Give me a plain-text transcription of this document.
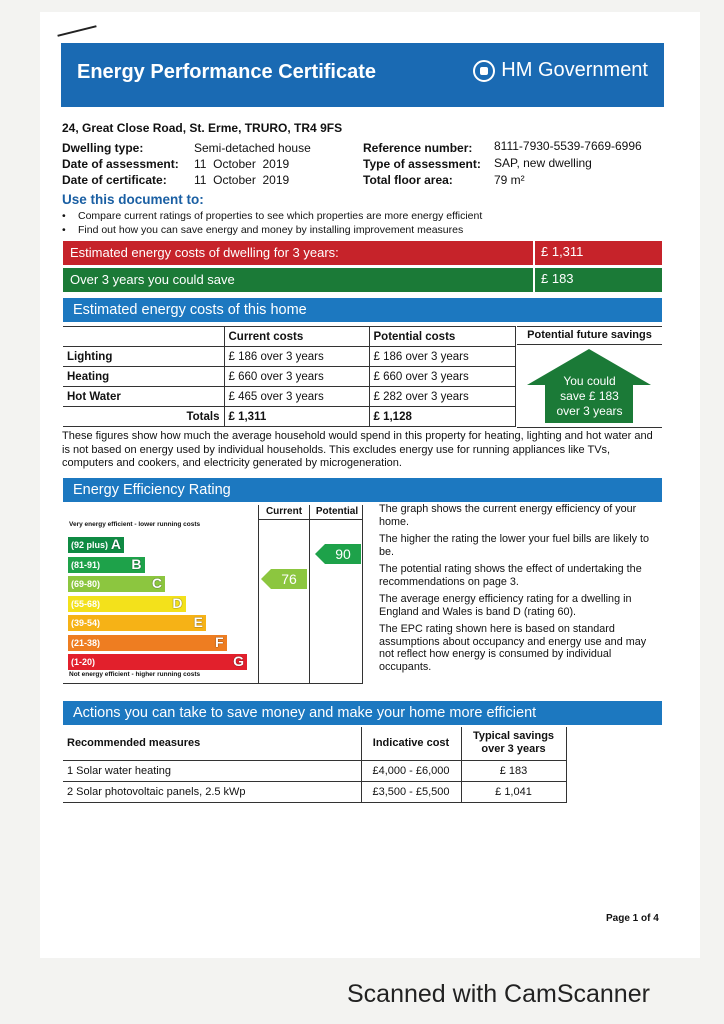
Energy Performance Certificate	HM Government
24, Great Close Road, St. Erme, TRURO, TR4 9FS
Dwelling type:	Semi-detached house
Date of assessment: 11  October  2019
Date of certificate: 11  October  2019
Reference number: 8111-7930-5539-7669-6996
Type of assessment: SAP, new dwelling
Total floor area:	79 m²
Use this document to:
• Compare current ratings of properties to see which properties are more energy efficient
• Find out how you can save energy and money by installing improvement measures
Estimated energy costs of dwelling for 3 years:	£ 1,311
Over 3 years you could save	£ 183
Estimated energy costs of this home
	Current costs	Potential costs
Lighting	£ 186 over 3 years	£ 186 over 3 years
Heating	£ 660 over 3 years	£ 660 over 3 years
Hot Water	£ 465 over 3 years	£ 282 over 3 years
Totals	£ 1,311	£ 1,128
Potential future savings
You could
save £ 183
over 3 years
These figures show how much the average household would spend in this property for heating, lighting and hot water and is not based on energy used by individual households. This excludes energy use for running appliances like TVs, computers and cookers, and electricity generated by microgeneration.
Energy Efficiency Rating
Current	Potential
Very energy efficient - lower running costs
Not energy efficient - higher running costs
(92 plus) A
(81-91) B
(69-80)	C
(55-68)	D
(39-54)	E
(21-38)	F
(1-20)	G
76
90

The graph shows the current energy efficiency of your home.

The higher the rating the lower your fuel bills are likely to be.

The potential rating shows the effect of undertaking the recommendations on page 3.

The average energy efficiency rating for a dwelling in England and Wales is band D (rating 60).

The EPC rating shown here is based on standard assumptions about occupancy and energy use and may not reflect how energy is consumed by individual occupants.

Actions you can take to save money and make your home more efficient
Recommended measures	Indicative cost	Typical savings over 3 years
1 Solar water heating	£4,000 - £6,000	£ 183
2 Solar photovoltaic panels, 2.5 kWp	£3,500 - £5,500	£ 1,041
Page 1 of 4
Scanned with CamScanner
